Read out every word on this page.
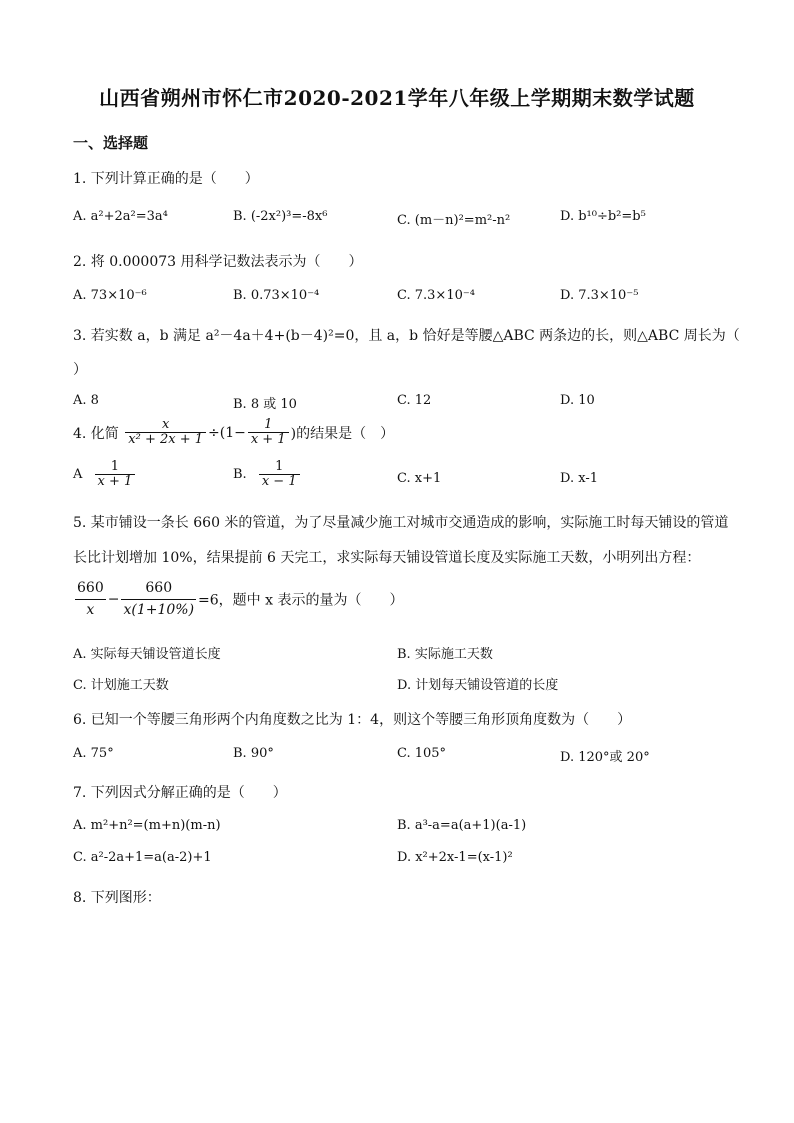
山西省朔州市怀仁市2020-2021学年八年级上学期期末数学试题
一、选择题
1. 下列计算正确的是（　　）
A. a²+2a²=3a⁴	B. (-2x²)³=-8x⁶	C. (m－n)²=m²-n²	D. b¹⁰÷b²=b⁵
2. 将 0.000073 用科学记数法表示为（　　）
A. 73×10⁻⁶	B. 0.73×10⁻⁴	C. 7.3×10⁻⁴	D. 7.3×10⁻⁵
3. 若实数 a，b 满足 a²－4a＋4+(b－4)²=0，且 a，b 恰好是等腰△ABC 两条边的长，则△ABC 周长为（
）
A. 8	B. 8 或 10	C. 12	D. 10
4. 化简 $\frac{x}{\text{x² + 2x + 1}} \div(1- \frac{1}{x + 1}$ )的结果是（　）
A $\frac{1}{x + 1}$	B. $\frac{1}{x - 1}$	C. x+1	D. x-1
5. 某市铺设一条长 660 米的管道，为了尽量减少施工对城市交通造成的影响，实际施工时每天铺设的管道
长比计划增加 10%，结果提前 6 天完工，求实际每天铺设管道长度及实际施工天数，小明列出方程：
$\frac{660}{x} - \frac{660}{x(1+10\%)} =6$，题中 x 表示的量为（　　）
A. 实际每天铺设管道长度	B. 实际施工天数
C. 计划施工天数	D. 计划每天铺设管道的长度
6. 已知一个等腰三角形两个内角度数之比为 1：4，则这个等腰三角形顶角度数为（　　）
A. 75°	B. 90°	C. 105°	D. 120°或 20°
7. 下列因式分解正确的是（　　）
A. m²+n²=(m+n)(m-n)	B. a³-a=a(a+1)(a-1)
C. a²-2a+1=a(a-2)+1	D. x²+2x-1=(x-1)²
8. 下列图形：
